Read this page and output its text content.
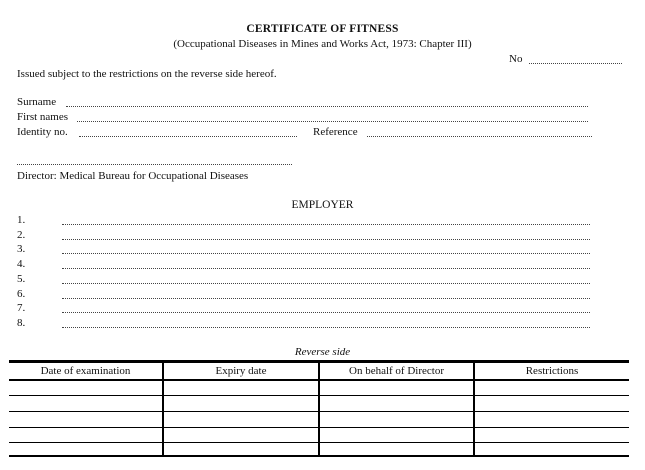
CERTIFICATE OF FITNESS
(Occupational Diseases in Mines and Works Act, 1973: Chapter III)
No
Issued subject to the restrictions on the reverse side hereof.
Surname
First names
Identity no.	Reference
Director: Medical Bureau for Occupational Diseases
EMPLOYER
1.
2.
3.
4.
5.
6.
7.
8.
Reverse side
Date of examination	Expiry date	On behalf of Director	Restrictions
